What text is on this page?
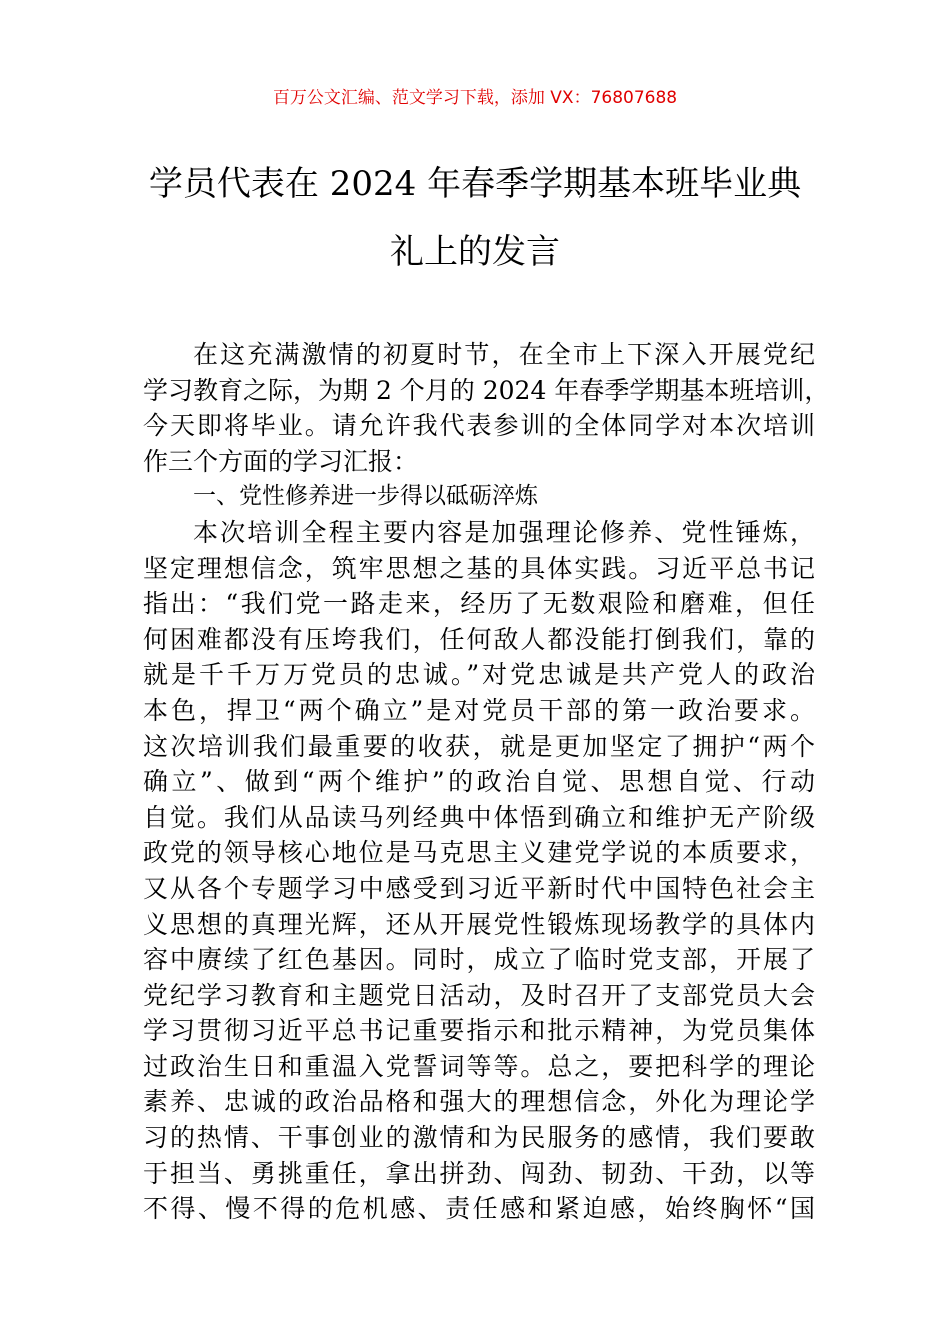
百万公文汇编、范文学习下载，添加 VX：76807688
学员代表在 2024 年春季学期基本班毕业典
礼上的发言
在这充满激情的初夏时节，在全市上下深入开展党纪
学习教育之际，为期 2 个月的 2024 年春季学期基本班培训，
今天即将毕业。请允许我代表参训的全体同学对本次培训
作三个方面的学习汇报：
一、党性修养进一步得以砥砺淬炼
本次培训全程主要内容是加强理论修养、党性锤炼，
坚定理想信念，筑牢思想之基的具体实践。习近平总书记
指出：“我们党一路走来，经历了无数艰险和磨难，但任
何困难都没有压垮我们，任何敌人都没能打倒我们，靠的
就是千千万万党员的忠诚。”对党忠诚是共产党人的政治
本色，捍卫“两个确立”是对党员干部的第一政治要求。
这次培训我们最重要的收获，就是更加坚定了拥护“两个
确立”、做到“两个维护”的政治自觉、思想自觉、行动
自觉。我们从品读马列经典中体悟到确立和维护无产阶级
政党的领导核心地位是马克思主义建党学说的本质要求，
又从各个专题学习中感受到习近平新时代中国特色社会主
义思想的真理光辉，还从开展党性锻炼现场教学的具体内
容中赓续了红色基因。同时，成立了临时党支部，开展了
党纪学习教育和主题党日活动，及时召开了支部党员大会
学习贯彻习近平总书记重要指示和批示精神，为党员集体
过政治生日和重温入党誓词等等。总之，要把科学的理论
素养、忠诚的政治品格和强大的理想信念，外化为理论学
习的热情、干事创业的激情和为民服务的感情，我们要敢
于担当、勇挑重任，拿出拼劲、闯劲、韧劲、干劲，以等
不得、慢不得的危机感、责任感和紧迫感，始终胸怀“国
